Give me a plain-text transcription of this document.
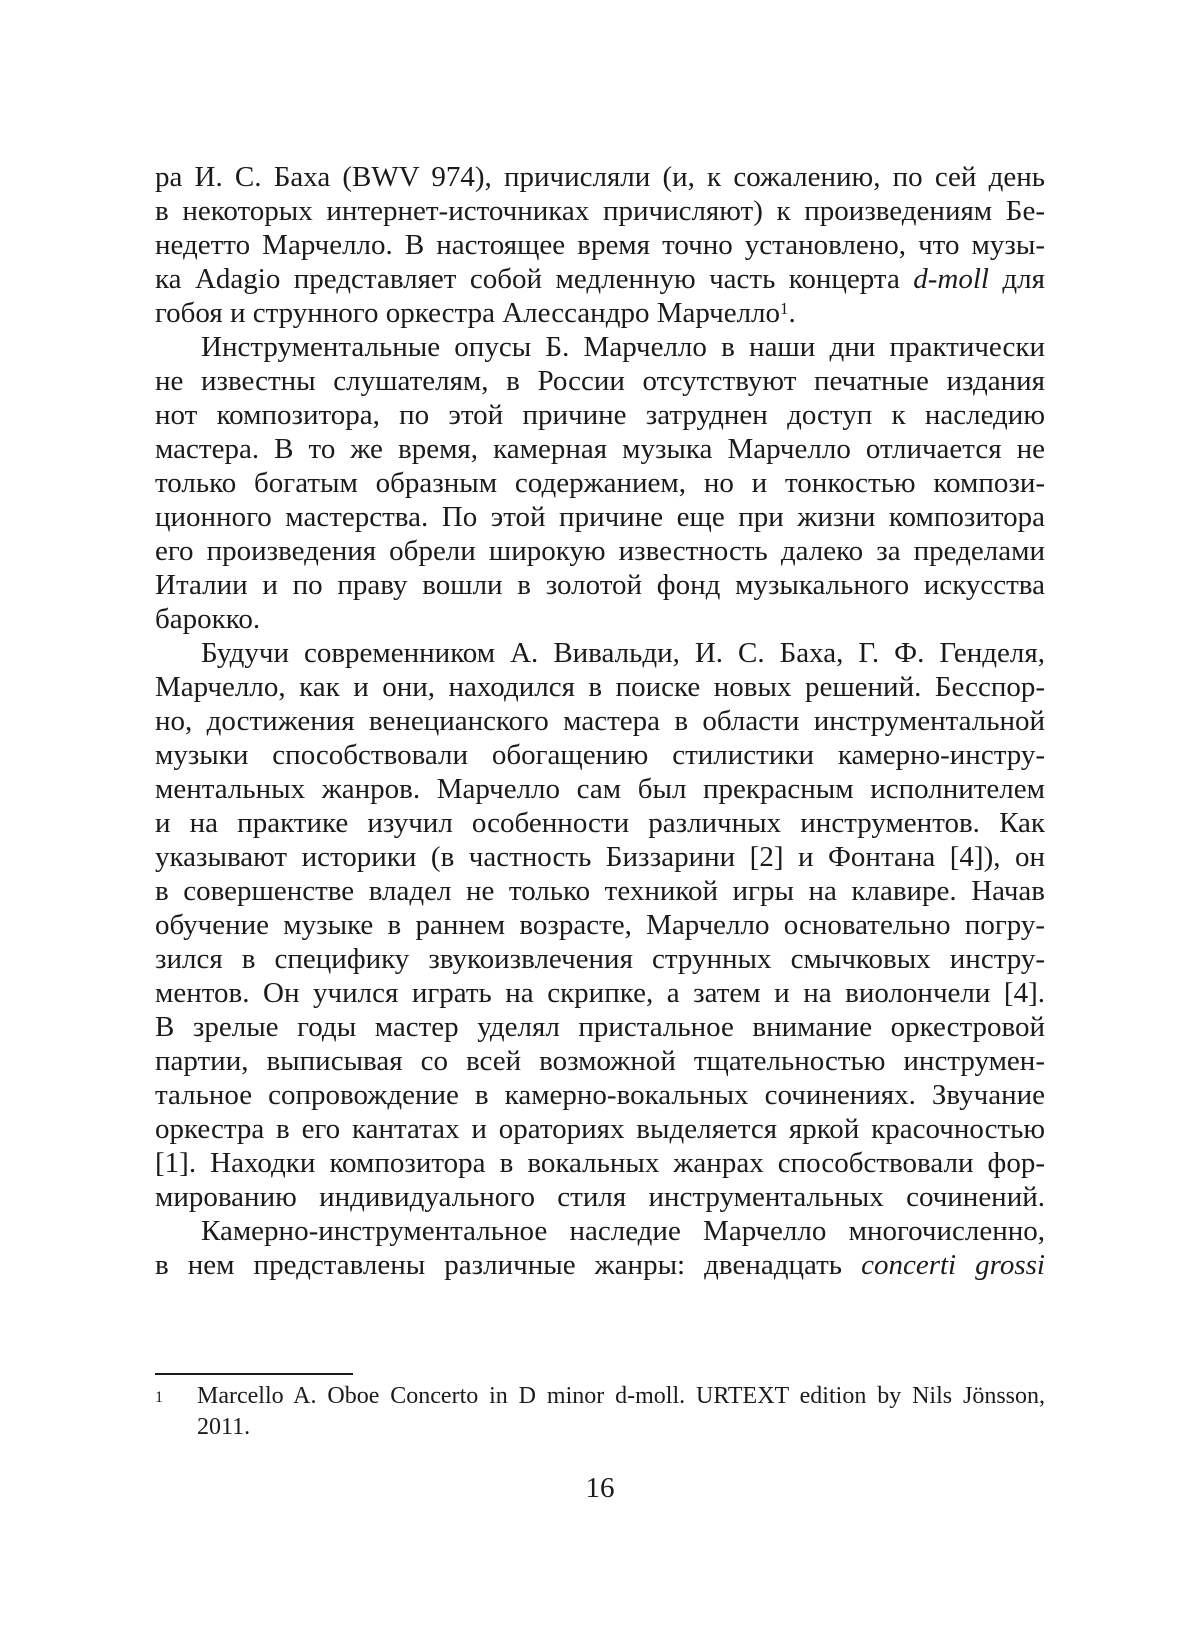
ра И. С. Баха (BWV 974), причисляли (и, к сожалению, по сей день
в некоторых интернет-источниках причисляют) к произведениям Бе-
недетто Марчелло. В настоящее время точно установлено, что музы-
ка Adagio представляет собой медленную часть концерта d-moll для
гобоя и струнного оркестра Алессандро Марчелло$^1$.
Инструментальные опусы Б. Марчелло в наши дни практически
не известны слушателям, в России отсутствуют печатные издания
нот композитора, по этой причине затруднен доступ к наследию
мастера. В то же время, камерная музыка Марчелло отличается не
только богатым образным содержанием, но и тонкостью компози-
ционного мастерства. По этой причине еще при жизни композитора
его произведения обрели широкую известность далеко за пределами
Италии и по праву вошли в золотой фонд музыкального искусства
барокко.
Будучи современником А. Вивальди, И. С. Баха, Г. Ф. Генделя,
Марчелло, как и они, находился в поиске новых решений. Бесспор-
но, достижения венецианского мастера в области инструментальной
музыки способствовали обогащению стилистики камерно-инстру-
ментальных жанров. Марчелло сам был прекрасным исполнителем
и на практике изучил особенности различных инструментов. Как
указывают историки (в частность Биззарини [2] и Фонтана [4]), он
в совершенстве владел не только техникой игры на клавире. Начав
обучение музыке в раннем возрасте, Марчелло основательно погру-
зился в специфику звукоизвлечения струнных смычковых инстру-
ментов. Он учился играть на скрипке, а затем и на виолончели [4].
В зрелые годы мастер уделял пристальное внимание оркестровой
партии, выписывая со всей возможной тщательностью инструмен-
тальное сопровождение в камерно-вокальных сочинениях. Звучание
оркестра в его кантатах и ораториях выделяется яркой красочностью
[1]. Находки композитора в вокальных жанрах способствовали фор-
мированию индивидуального стиля инструментальных сочинений.
Камерно-инструментальное наследие Марчелло многочисленно,
в нем представлены различные жанры: двенадцать concerti grossi
1	Marcello A. Oboe Concerto in D minor d-moll. URTEXT edition by Nils Jönsson,
2011.
16
